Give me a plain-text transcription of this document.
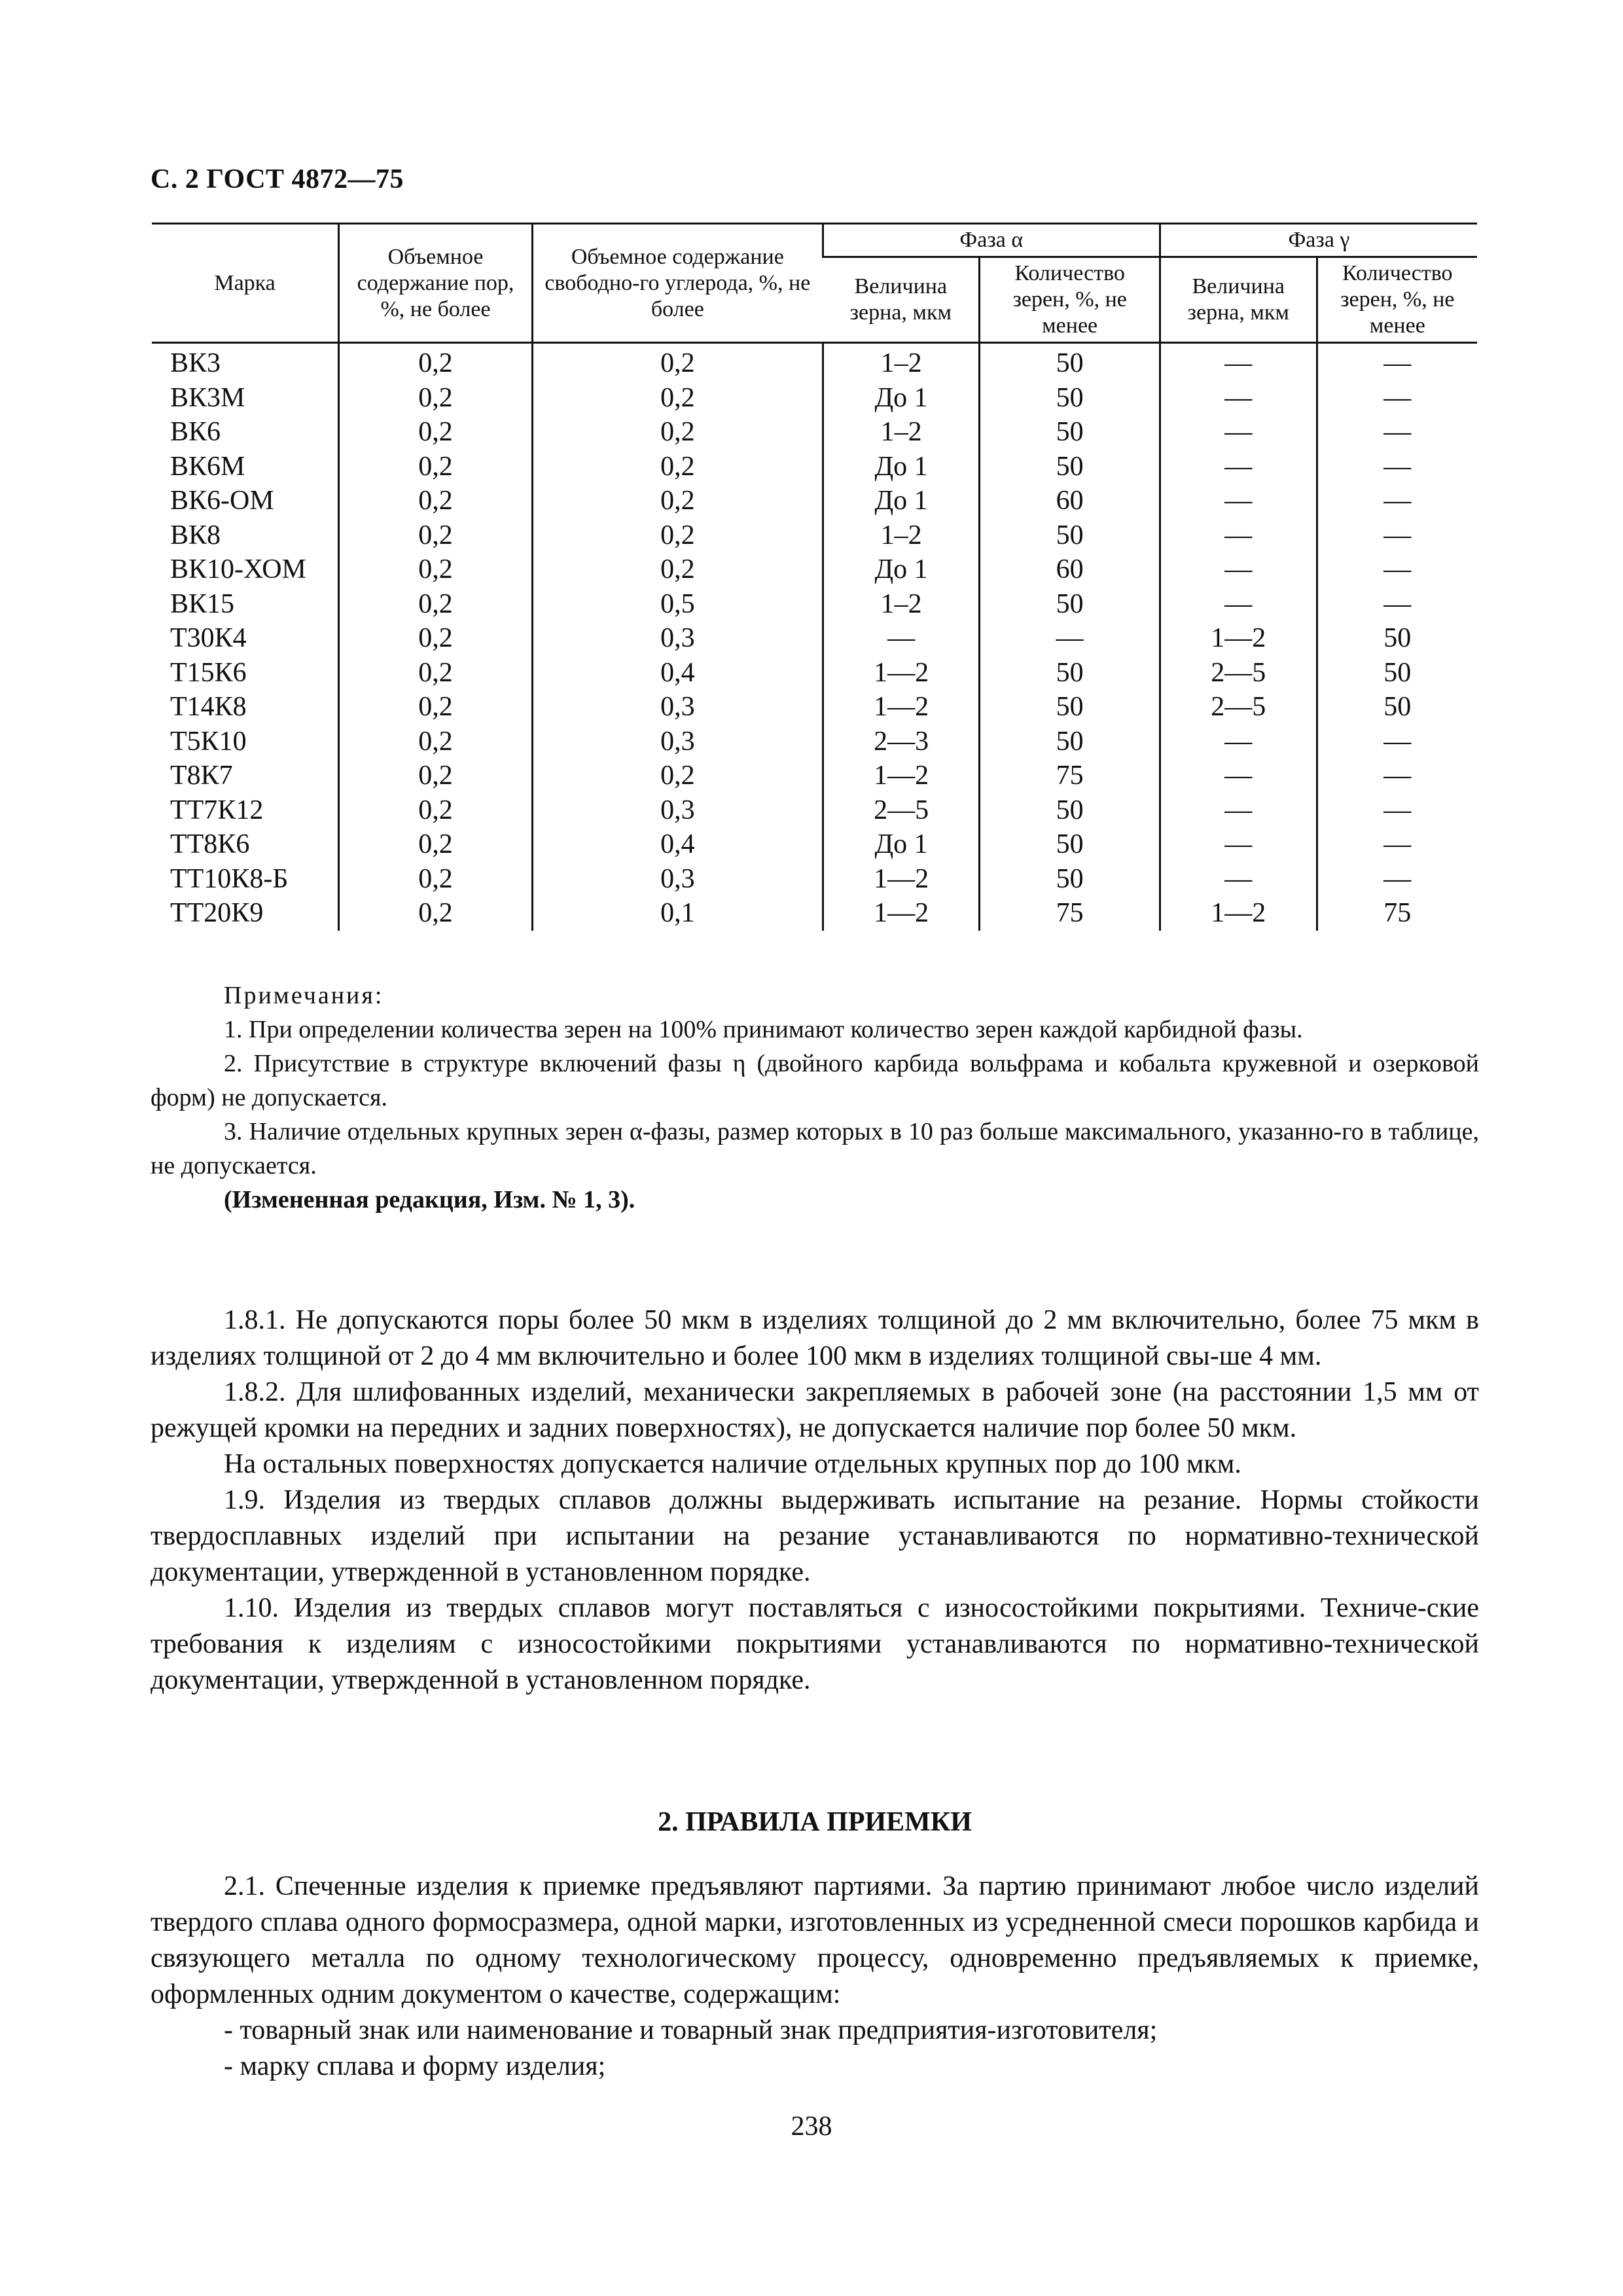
С. 2 ГОСТ 4872—75
Марка	Объемное содержание пор, %, не более	Объемное содержание свободно-го углерода, %, не более	Фаза α		Фаза γ	
			Величина зерна, мкм	Количество зерен, %, не менее	Величина зерна, мкм	Количество зерен, %, не менее
ВК3	0,2	0,2	1–2	50	—	—
ВК3М	0,2	0,2	До 1	50	—	—
ВК6	0,2	0,2	1–2	50	—	—
ВК6М	0,2	0,2	До 1	50	—	—
ВК6-ОМ	0,2	0,2	До 1	60	—	—
ВК8	0,2	0,2	1–2	50	—	—
ВК10-ХОМ	0,2	0,2	До 1	60	—	—
ВК15	0,2	0,5	1–2	50	—	—
Т30К4	0,2	0,3	—	—	1—2	50
Т15К6	0,2	0,4	1—2	50	2—5	50
Т14К8	0,2	0,3	1—2	50	2—5	50
Т5К10	0,2	0,3	2—3	50	—	—
Т8К7	0,2	0,2	1—2	75	—	—
ТТ7К12	0,2	0,3	2—5	50	—	—
ТТ8К6	0,2	0,4	До 1	50	—	—
ТТ10К8-Б	0,2	0,3	1—2	50	—	—
ТТ20К9	0,2	0,1	1—2	75	1—2	75
Примечания:

1. При определении количества зерен на 100% принимают количество зерен каждой карбидной фазы.

2. Присутствие в структуре включений фазы η (двойного карбида вольфрама и кобальта кружевной и озерковой форм) не допускается.

3. Наличие отдельных крупных зерен α-фазы, размер которых в 10 раз больше максимального, указанно-го в таблице, не допускается.

(Измененная редакция, Изм. № 1, 3).

1.8.1. Не допускаются поры более 50 мкм в изделиях толщиной до 2 мм включительно, более 75 мкм в изделиях толщиной от 2 до 4 мм включительно и более 100 мкм в изделиях толщиной свы-ше 4 мм.

1.8.2. Для шлифованных изделий, механически закрепляемых в рабочей зоне (на расстоянии 1,5 мм от режущей кромки на передних и задних поверхностях), не допускается наличие пор более 50 мкм.

На остальных поверхностях допускается наличие отдельных крупных пор до 100 мкм.

1.9. Изделия из твердых сплавов должны выдерживать испытание на резание. Нормы стойкости твердосплавных изделий при испытании на резание устанавливаются по нормативно-технической документации, утвержденной в установленном порядке.

1.10. Изделия из твердых сплавов могут поставляться с износостойкими покрытиями. Техниче-ские требования к изделиям с износостойкими покрытиями устанавливаются по нормативно-технической документации, утвержденной в установленном порядке.

2. ПРАВИЛА ПРИЕМКИ

2.1. Спеченные изделия к приемке предъявляют партиями. За партию принимают любое число изделий твердого сплава одного формоcразмера, одной марки, изготовленных из усредненной смеси порошков карбида и связующего металла по одному технологическому процессу, одновременно предъявляемых к приемке, оформленных одним документом о качестве, содержащим:

- товарный знак или наименование и товарный знак предприятия-изготовителя;

- марку сплава и форму изделия;

238
